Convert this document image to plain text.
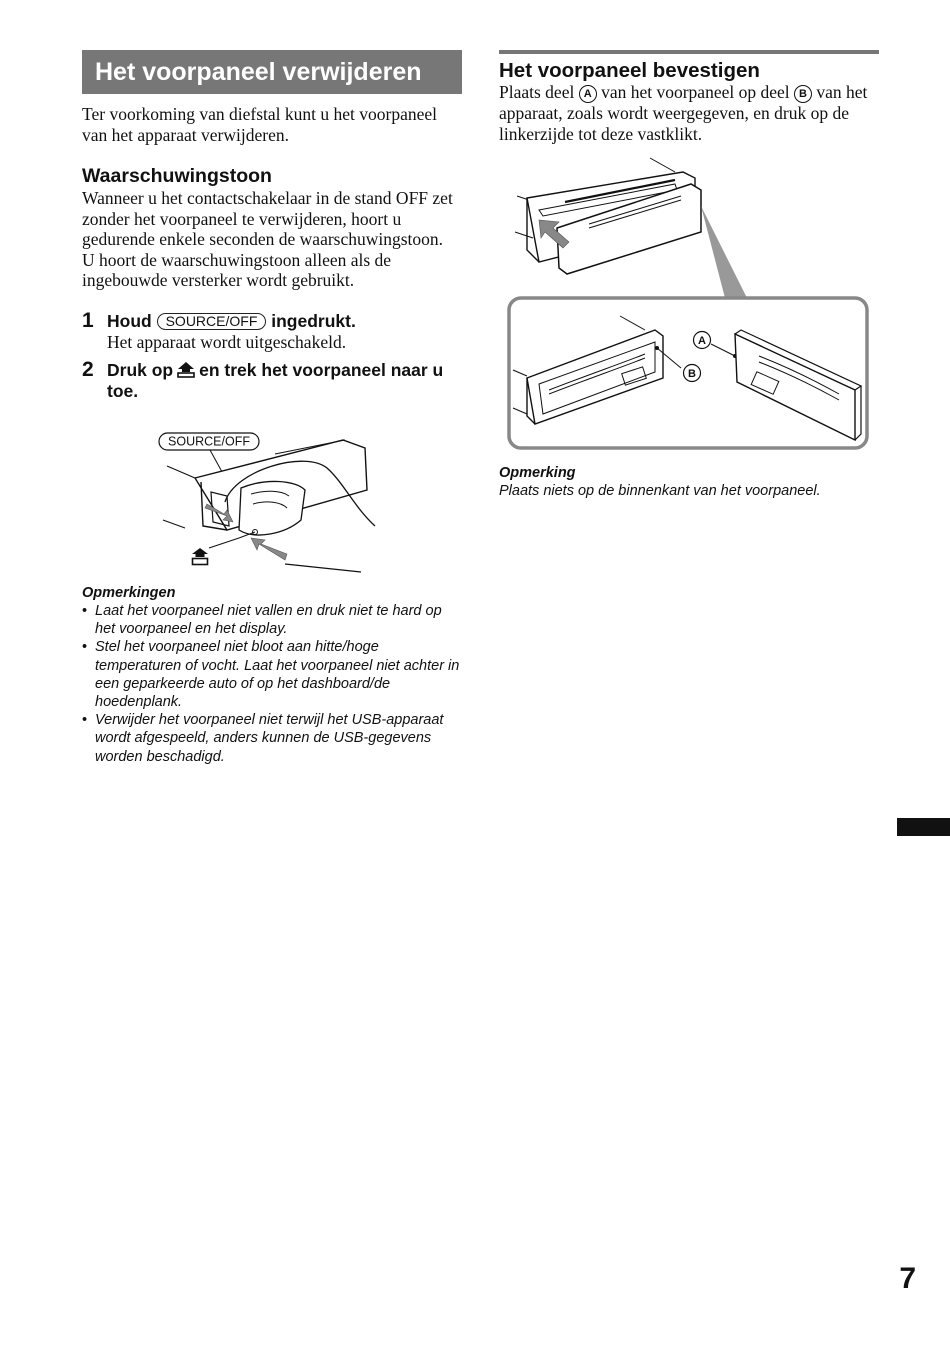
Het voorpaneel verwijderen
Ter voorkoming van diefstal kunt u het voorpaneel van het apparaat verwijderen.
Waarschuwingstoon
Wanneer u het contactschakelaar in de stand OFF zet zonder het voorpaneel te verwijderen, hoort u gedurende enkele seconden de waarschuwingstoon.
U hoort de waarschuwingstoon alleen als de ingebouwde versterker wordt gebruikt.
1 Houd SOURCE/OFF ingedrukt.
Het apparaat wordt uitgeschakeld.
2 Druk op en trek het voorpaneel naar u toe.
SOURCE/OFF
Opmerkingen
• Laat het voorpaneel niet vallen en druk niet te hard op het voorpaneel en het display.
• Stel het voorpaneel niet bloot aan hitte/hoge temperaturen of vocht. Laat het voorpaneel niet achter in een geparkeerde auto of op het dashboard/de hoedenplank.
• Verwijder het voorpaneel niet terwijl het USB-apparaat wordt afgespeeld, anders kunnen de USB-gegevens worden beschadigd.
Het voorpaneel bevestigen
Plaats deel A van het voorpaneel op deel B van het apparaat, zoals wordt weergegeven, en druk op de linkerzijde tot deze vastklikt.
B
A
Opmerking
Plaats niets op de binnenkant van het voorpaneel.
7
